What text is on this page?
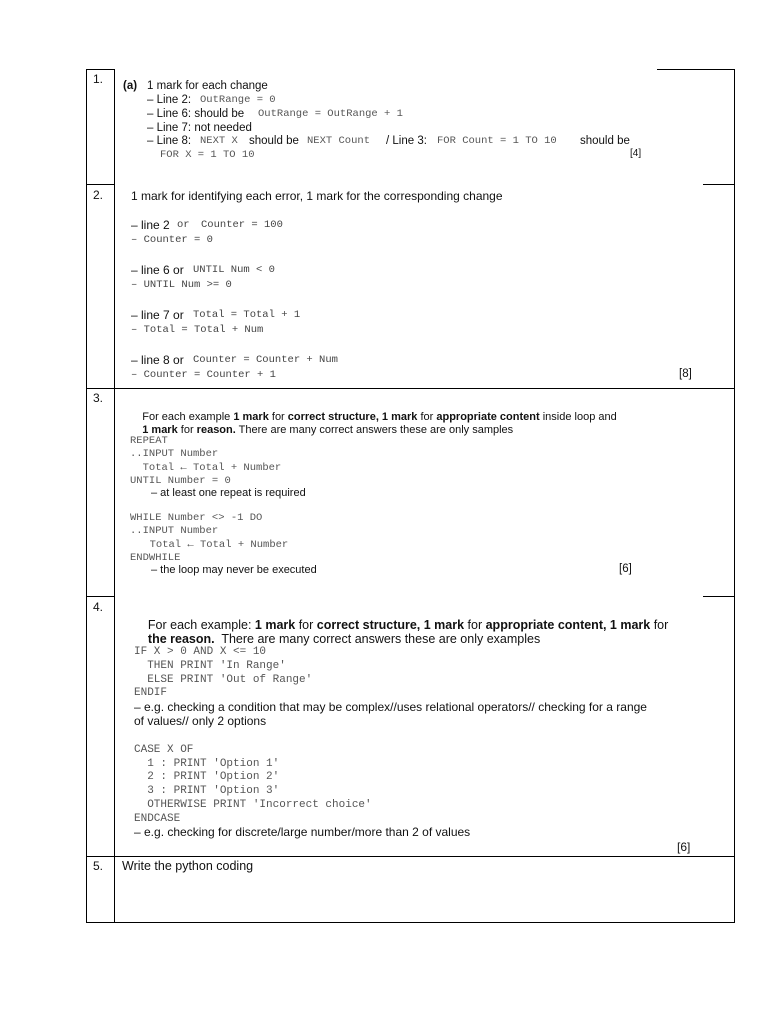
1. (a) 1 mark for each change
– Line 2: OutRange = 0
– Line 6: should be OutRange = OutRange + 1
– Line 7: not needed
– Line 8: NEXT X should be NEXT Count / Line 3: FOR Count = 1 TO 10 should be
FOR X = 1 TO 10	[4]
2. 1 mark for identifying each error, 1 mark for the corresponding change
– line 2 or Counter = 100
– Counter = 0
– line 6 or UNTIL Num < 0
– UNTIL Num >= 0
– line 7 or Total = Total + 1
– Total = Total + Num
– line 8 or Counter = Counter + Num
– Counter = Counter + 1	[8]
3.

For each example 1 mark for correct structure, 1 mark for appropriate content inside loop and

1 mark for reason. There are many correct answers these are only samples

REPEAT
..INPUT Number
Total ← Total + Number
UNTIL Number = 0
– at least one repeat is required
WHILE Number <> -1 DO
..INPUT Number
Total ← Total + Number
ENDWHILE
– the loop may never be executed	[6]
4.

For each example: 1 mark for correct structure, 1 mark for appropriate content, 1 mark for

the reason.  There are many correct answers these are only examples

IF X > 0 AND X <= 10
THEN PRINT 'In Range'
ELSE PRINT 'Out of Range'
ENDIF
– e.g. checking a condition that may be complex//uses relational operators// checking for a range
of values// only 2 options
CASE X OF
1 : PRINT 'Option 1'
2 : PRINT 'Option 2'
3 : PRINT 'Option 3'
OTHERWISE PRINT 'Incorrect choice'
ENDCASE
– e.g. checking for discrete/large number/more than 2 of values
[6]
5. Write the python coding
